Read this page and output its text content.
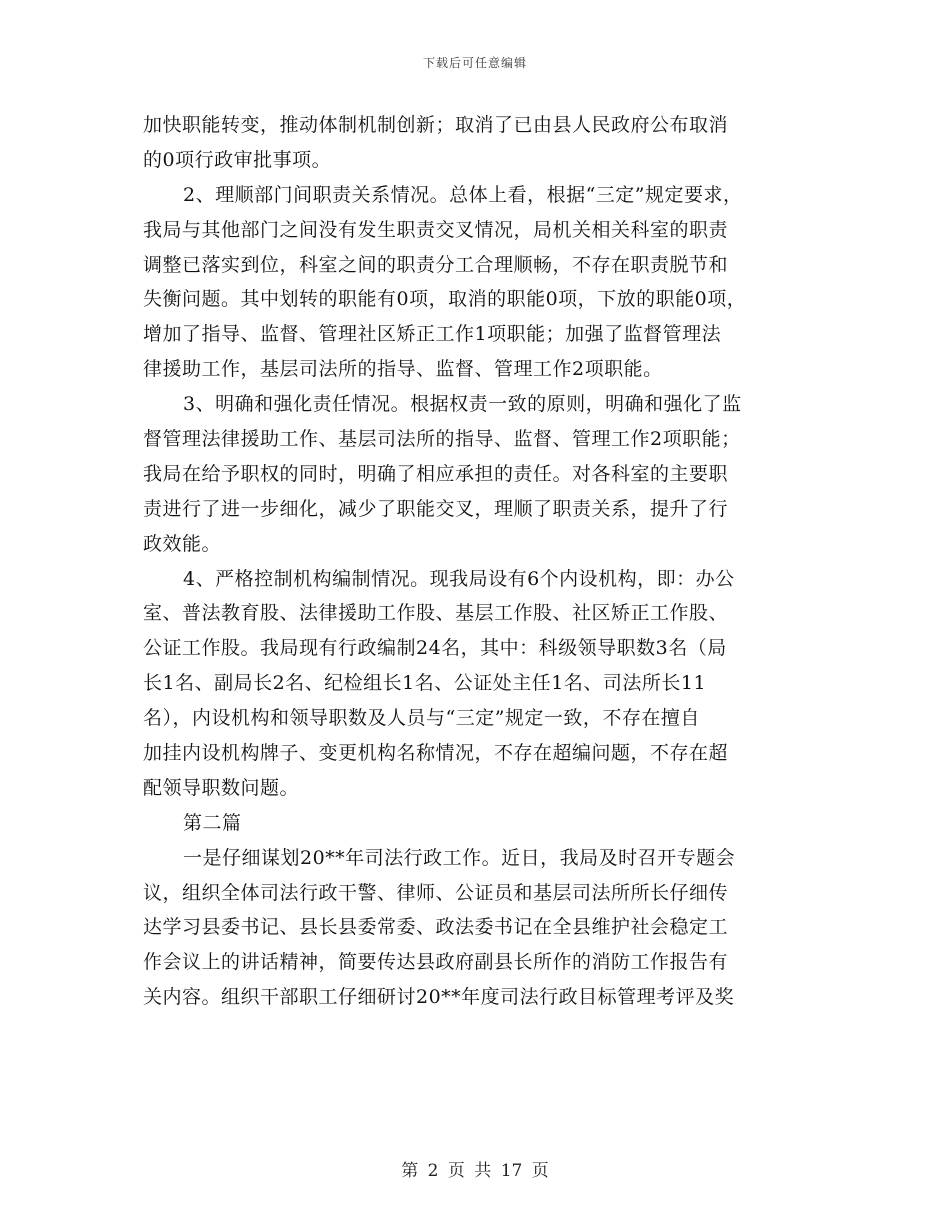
下载后可任意编辑
加快职能转变，推动体制机制创新；取消了已由县人民政府公布取消
的0项行政审批事项。
2、理顺部门间职责关系情况。总体上看，根据“三定”规定要求，
我局与其他部门之间没有发生职责交叉情况，局机关相关科室的职责
调整已落实到位，科室之间的职责分工合理顺畅，不存在职责脱节和
失衡问题。其中划转的职能有0项，取消的职能0项，下放的职能0项，
增加了指导、监督、管理社区矫正工作1项职能；加强了监督管理法
律援助工作，基层司法所的指导、监督、管理工作2项职能。
3、明确和强化责任情况。根据权责一致的原则，明确和强化了监
督管理法律援助工作、基层司法所的指导、监督、管理工作2项职能；
我局在给予职权的同时，明确了相应承担的责任。对各科室的主要职
责进行了进一步细化，减少了职能交叉，理顺了职责关系，提升了行
政效能。
4、严格控制机构编制情况。现我局设有6个内设机构，即：办公
室、普法教育股、法律援助工作股、基层工作股、社区矫正工作股、
公证工作股。我局现有行政编制24名，其中：科级领导职数3名（局
长1名、副局长2名、纪检组长1名、公证处主任1名、司法所长11
名），内设机构和领导职数及人员与“三定”规定一致，不存在擅自
加挂内设机构牌子、变更机构名称情况，不存在超编问题，不存在超
配领导职数问题。
第二篇
一是仔细谋划20**年司法行政工作。近日，我局及时召开专题会
议，组织全体司法行政干警、律师、公证员和基层司法所所长仔细传
达学习县委书记、县长县委常委、政法委书记在全县维护社会稳定工
作会议上的讲话精神，简要传达县政府副县长所作的消防工作报告有
关内容。组织干部职工仔细研讨20**年度司法行政目标管理考评及奖
第 2 页 共 17 页
